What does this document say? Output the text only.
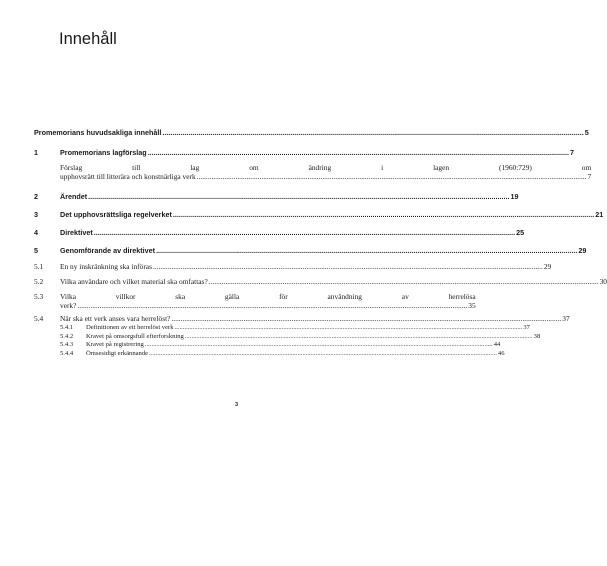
Innehåll
Promemorians huvudsakliga innehåll .....	5
1	Promemorians lagförslag .....	7
Förslag till lag om ändring i lagen (1960:729) om
upphovsrätt till litterära och konstnärliga verk .....	7
2	Ärendet .....	19
3	Det upphovsrättsliga regelverket .....	21
4	Direktivet .....	25
5	Genomförande av direktivet .....	29
5.1	En ny inskränkning ska införas .....	29
5.2	Vilka användare och vilket material ska omfattas? .....	30
5.3	Vilka villkor ska gälla för användning av herrelösa
verk? .....	35
5.4	När ska ett verk anses vara herrelöst? .....	37
5.4.1	Definitionen av ett herrelöst verk .....	37
5.4.2	Kravet på omsorgsfull efterforskning .....	38
5.4.3	Kravet på registrering .....	44
5.4.4	Ömsesidigt erkännande .....	46
3
